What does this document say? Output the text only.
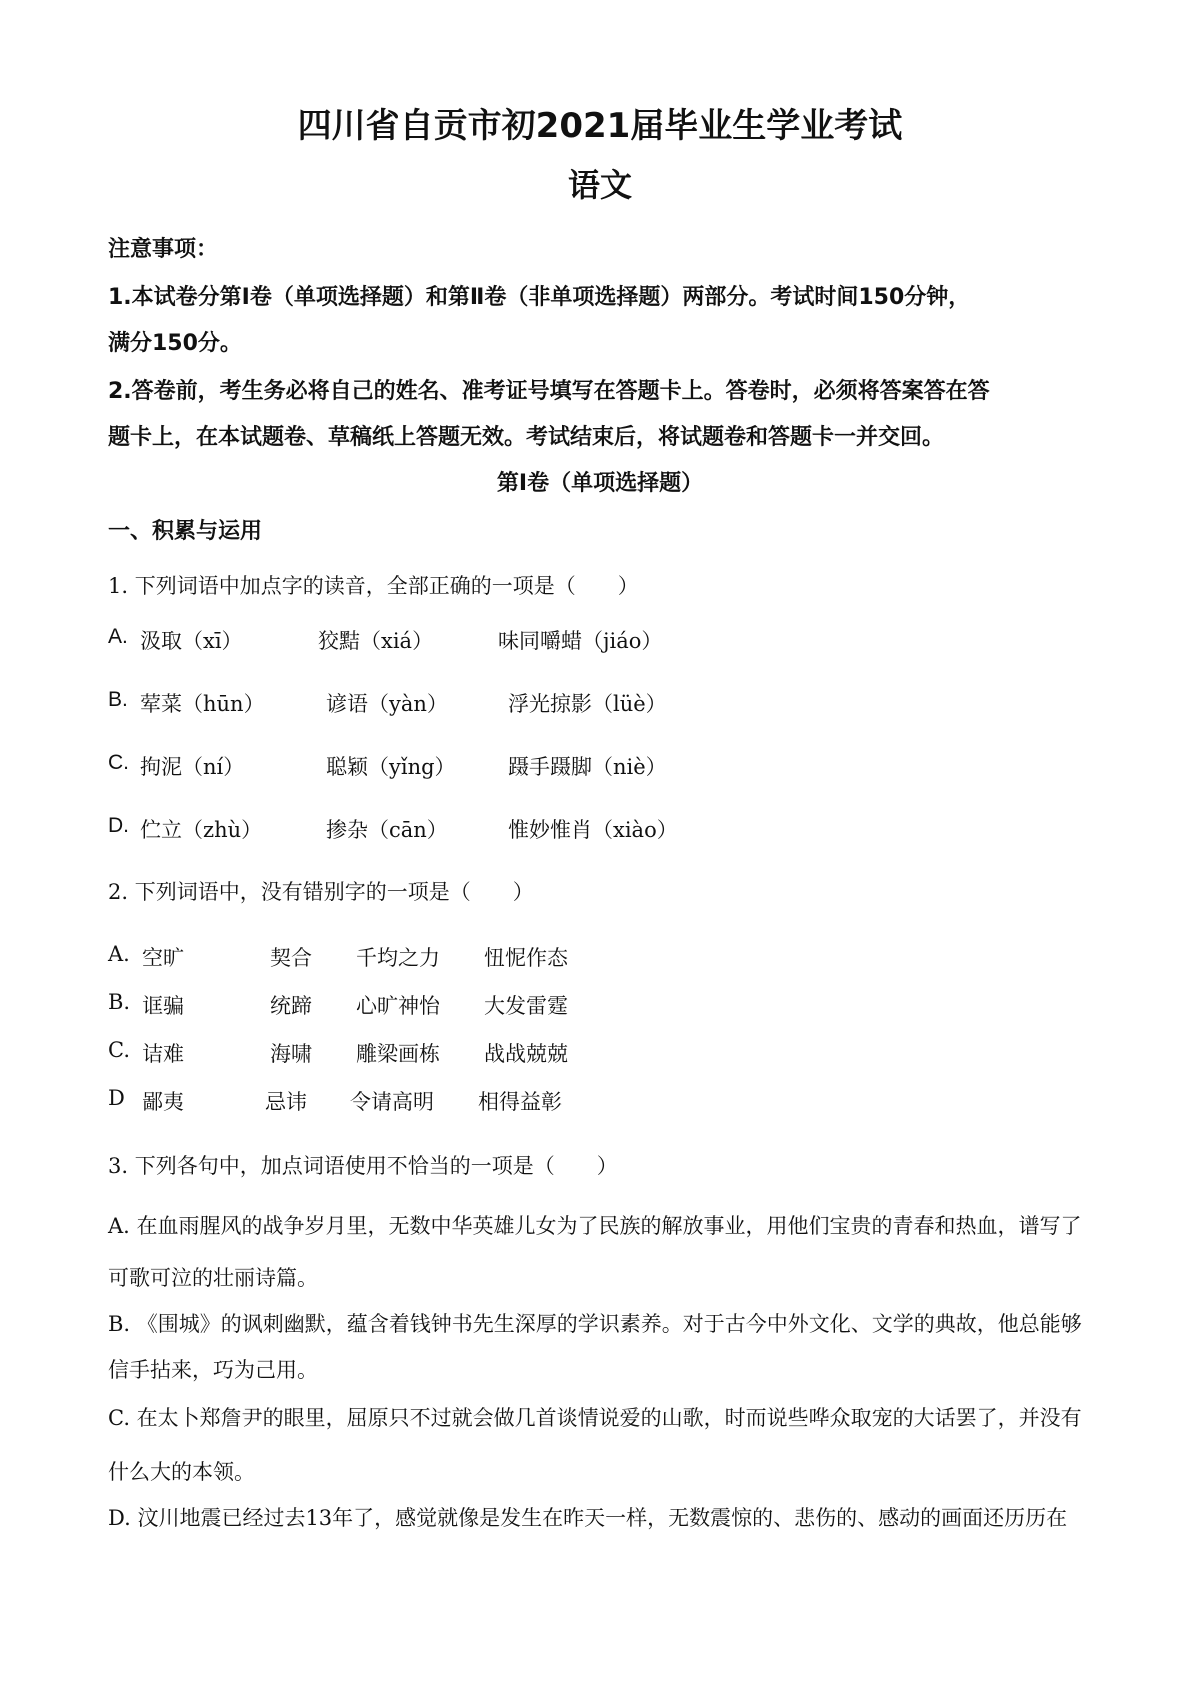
四川省自贡市初2021届毕业生学业考试
语文
注意事项：
1.本试卷分第Ⅰ卷（单项选择题）和第Ⅱ卷（非单项选择题）两部分。考试时间150分钟，
满分150分。
2.答卷前，考生务必将自己的姓名、准考证号填写在答题卡上。答卷时，必须将答案答在答
题卡上，在本试题卷、草稿纸上答题无效。考试结束后，将试题卷和答题卡一并交回。
第Ⅰ卷（单项选择题）
一、积累与运用
1. 下列词语中加点字的读音，全部正确的一项是（　　）
A. 汲取（xī）	狡黠（xiá）	味同嚼蜡（jiáo）
B. 荤菜（hūn）	谚语（yàn）	浮光掠影（lüè）
C. 拘泥（ní）	聪颖（yǐng） 蹑手蹑脚（niè）
D. 伫立（zhù）	掺杂（cān）	惟妙惟肖（xiào）
2. 下列词语中，没有错别字的一项是（　　）
A. 空旷	契合 千均之力 忸怩作态
B. 诓骗	统蹄 心旷神怡 大发雷霆
C. 诘难	海啸 雕梁画栋 战战兢兢
D 鄙夷	忌讳 令请高明 相得益彰
3. 下列各句中，加点词语使用不恰当的一项是（　　）
A. 在血雨腥风的战争岁月里，无数中华英雄儿女为了民族的解放事业，用他们宝贵的青春和热血，谱写了
可歌可泣的壮丽诗篇。
B. 《围城》的讽刺幽默，蕴含着钱钟书先生深厚的学识素养。对于古今中外文化、文学的典故，他总能够
信手拈来，巧为己用。
C. 在太卜郑詹尹的眼里，屈原只不过就会做几首谈情说爱的山歌，时而说些哗众取宠的大话罢了，并没有
什么大的本领。
D. 汶川地震已经过去13年了，感觉就像是发生在昨天一样，无数震惊的、悲伤的、感动的画面还历历在
